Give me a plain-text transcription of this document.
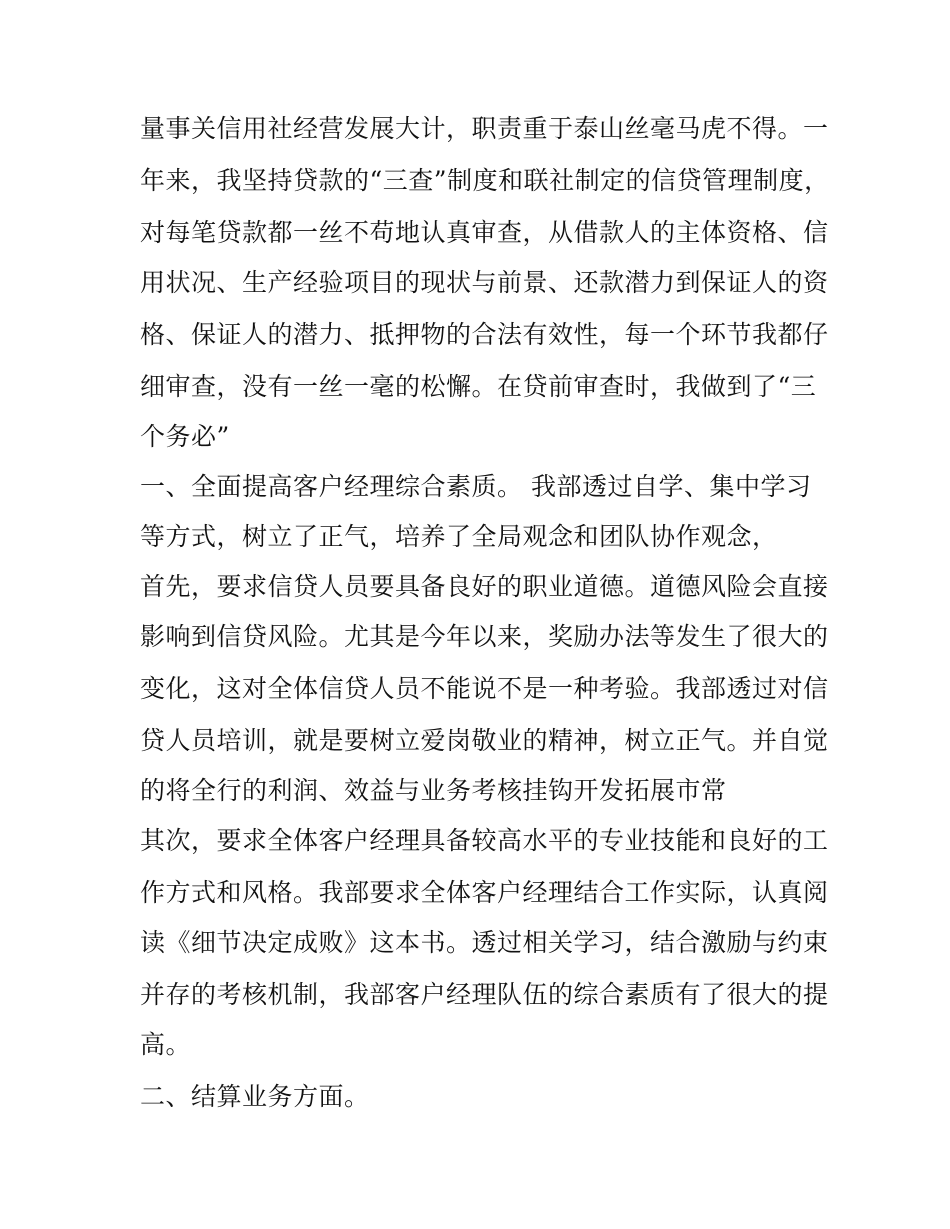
量事关信用社经营发展大计，职责重于泰山丝毫马虎不得。一
年来，我坚持贷款的“三查”制度和联社制定的信贷管理制度，
对每笔贷款都一丝不苟地认真审查，从借款人的主体资格、信
用状况、生产经验项目的现状与前景、还款潜力到保证人的资
格、保证人的潜力、抵押物的合法有效性，每一个环节我都仔
细审查，没有一丝一毫的松懈。在贷前审查时，我做到了“三
个务必”
一、全面提高客户经理综合素质。 我部透过自学、集中学习
等方式，树立了正气，培养了全局观念和团队协作观念，
首先，要求信贷人员要具备良好的职业道德。道德风险会直接
影响到信贷风险。尤其是今年以来，奖励办法等发生了很大的
变化，这对全体信贷人员不能说不是一种考验。我部透过对信
贷人员培训，就是要树立爱岗敬业的精神，树立正气。并自觉
的将全行的利润、效益与业务考核挂钩开发拓展市常
其次，要求全体客户经理具备较高水平的专业技能和良好的工
作方式和风格。我部要求全体客户经理结合工作实际，认真阅
读《细节决定成败》这本书。透过相关学习，结合激励与约束
并存的考核机制，我部客户经理队伍的综合素质有了很大的提
高。
二、结算业务方面。
